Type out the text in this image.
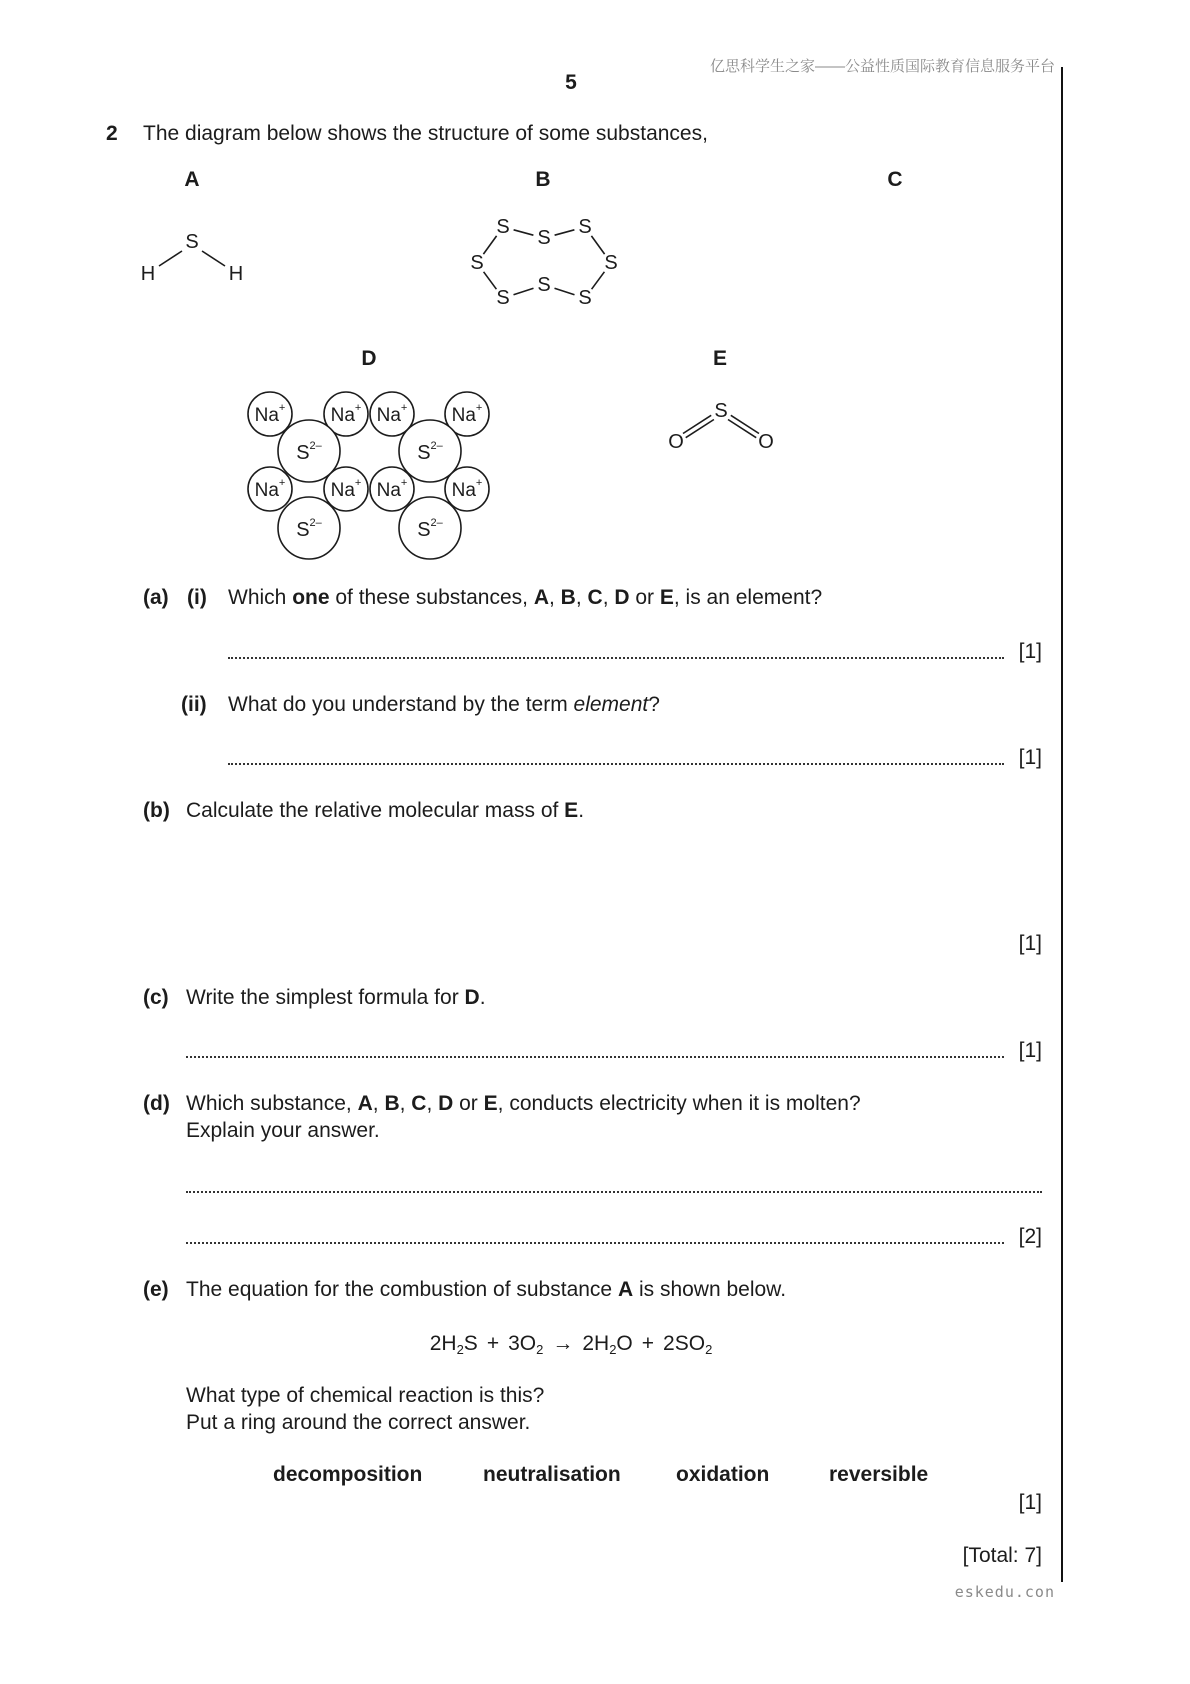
亿思科学生之家——公益性质国际教育信息服务平台
5
2 The diagram below shows the structure of some substances,
A	B	C
D	E
S
H	H
S S S
S
S
S
S
S
Na+ Na+ Na+ Na+
Na+ Na+ Na+ Na+
$S^{2-}$	$S^{2-}$
$S^{2-}$	$S^{2-}$
S
O	O
(a) (i) Which one of these substances, A, B, C, D or E, is an element?
[1]
(ii) What do you understand by the term element?
[1]
(b) Calculate the relative molecular mass of E.
[1]
(c) Write the simplest formula for D.
[1]
(d) Which substance, A, B, C, D or E, conducts electricity when it is molten?
Explain your answer.
[2]
(e) The equation for the combustion of substance A is shown below.
$2H_2S + 3O_2 \to 2H_2O + 2SO_2$
What type of chemical reaction is this?
Put a ring around the correct answer.
decomposition	neutralisation	oxidation	reversible
[1]
[Total: 7]
eskedu.con
